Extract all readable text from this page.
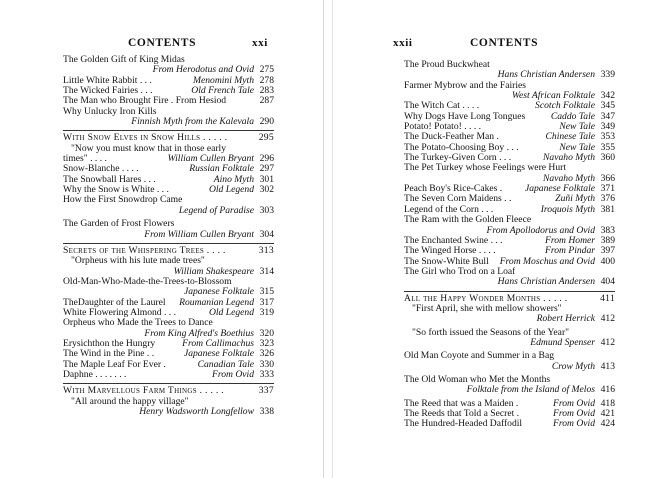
CONTENTS	xxi
The Golden Gift of King Midas
From Herodotus and Ovid 275
Little White Rabbit . . .	Menomini Myth 278
The Wicked Fairies . . .	Old French Tale 283
The Man who Brought Fire . From Hesiod	287
Why Unlucky Iron Kills
Finnish Myth from the Kalevala 290
With Snow Elves in Snow Hills . . . . .	295
"Now you must know that in those early
times" . . . .	William Cullen Bryant 296
Snow-Blanche . . . .	Russian Folktale 297
The Snowball Hares . . .	Aino Myth 301
Why the Snow is White . . .	Old Legend 302
How the First Snowdrop Came
Legend of Paradise 303
The Garden of Frost Flowers
From William Cullen Bryant 304
Secrets of the Whispering Trees . . . .	313
"Orpheus with his lute made trees"
William Shakespeare 314
Old-Man-Who-Made-the-Trees-to-Blossom
Japanese Folktale 315
TheDaughter of the Laurel	Roumanian Legend 317
White Flowering Almond . . .	Old Legend 319
Orpheus who Made the Trees to Dance
From King Alfred's Boethius 320
Erysichthon the Hungry	From Callimachus 323
The Wind in the Pine . .	Japanese Folktale 326
The Maple Leaf For Ever .	Canadian Tale 330
Daphne . . . . . . .	From Ovid 333
With Marvellous Farm Things . . . . .	337
"All around the happy village"
Henry Wadsworth Longfellow 338
xxii	CONTENTS
The Proud Buckwheat
Hans Christian Andersen 339
Farmer Mybrow and the Fairies
West African Folktale 342
The Witch Cat . . . .	Scotch Folktale 345
Why Dogs Have Long Tongues	Caddo Tale 347
Potato! Potato! . . . .	New Tale 349
The Duck-Feather Man .	Chinese Tale 353
The Potato-Choosing Boy . . .	New Tale 355
The Turkey-Given Corn . . .	Navaho Myth 360
The Pet Turkey whose Feelings were Hurt
Navaho Myth 366
Peach Boy's Rice-Cakes .	Japanese Folktale 371
The Seven Corn Maidens . .	Zuñi Myth 376
Legend of the Corn . . .	Iroquois Myth 381
The Ram with the Golden Fleece
From Apollodorus and Ovid 383
The Enchanted Swine . . .	From Homer 389
The Winged Horse . . . .	From Pindar 397
The Snow-White Bull	From Moschus and Ovid 400
The Girl who Trod on a Loaf
Hans Christian Andersen 404
All the Happy Wonder Months . . . . .	411
"First April, she with mellow showers"
Robert Herrick 412
"So forth issued the Seasons of the Year"
Edmund Spenser 412
Old Man Coyote and Summer in a Bag
Crow Myth 413
The Old Woman who Met the Months
Folktale from the Island of Melos 416
The Reed that was a Maiden .	From Ovid 418
The Reeds that Told a Secret .	From Ovid 421
The Hundred-Headed Daffodil	From Ovid 424
